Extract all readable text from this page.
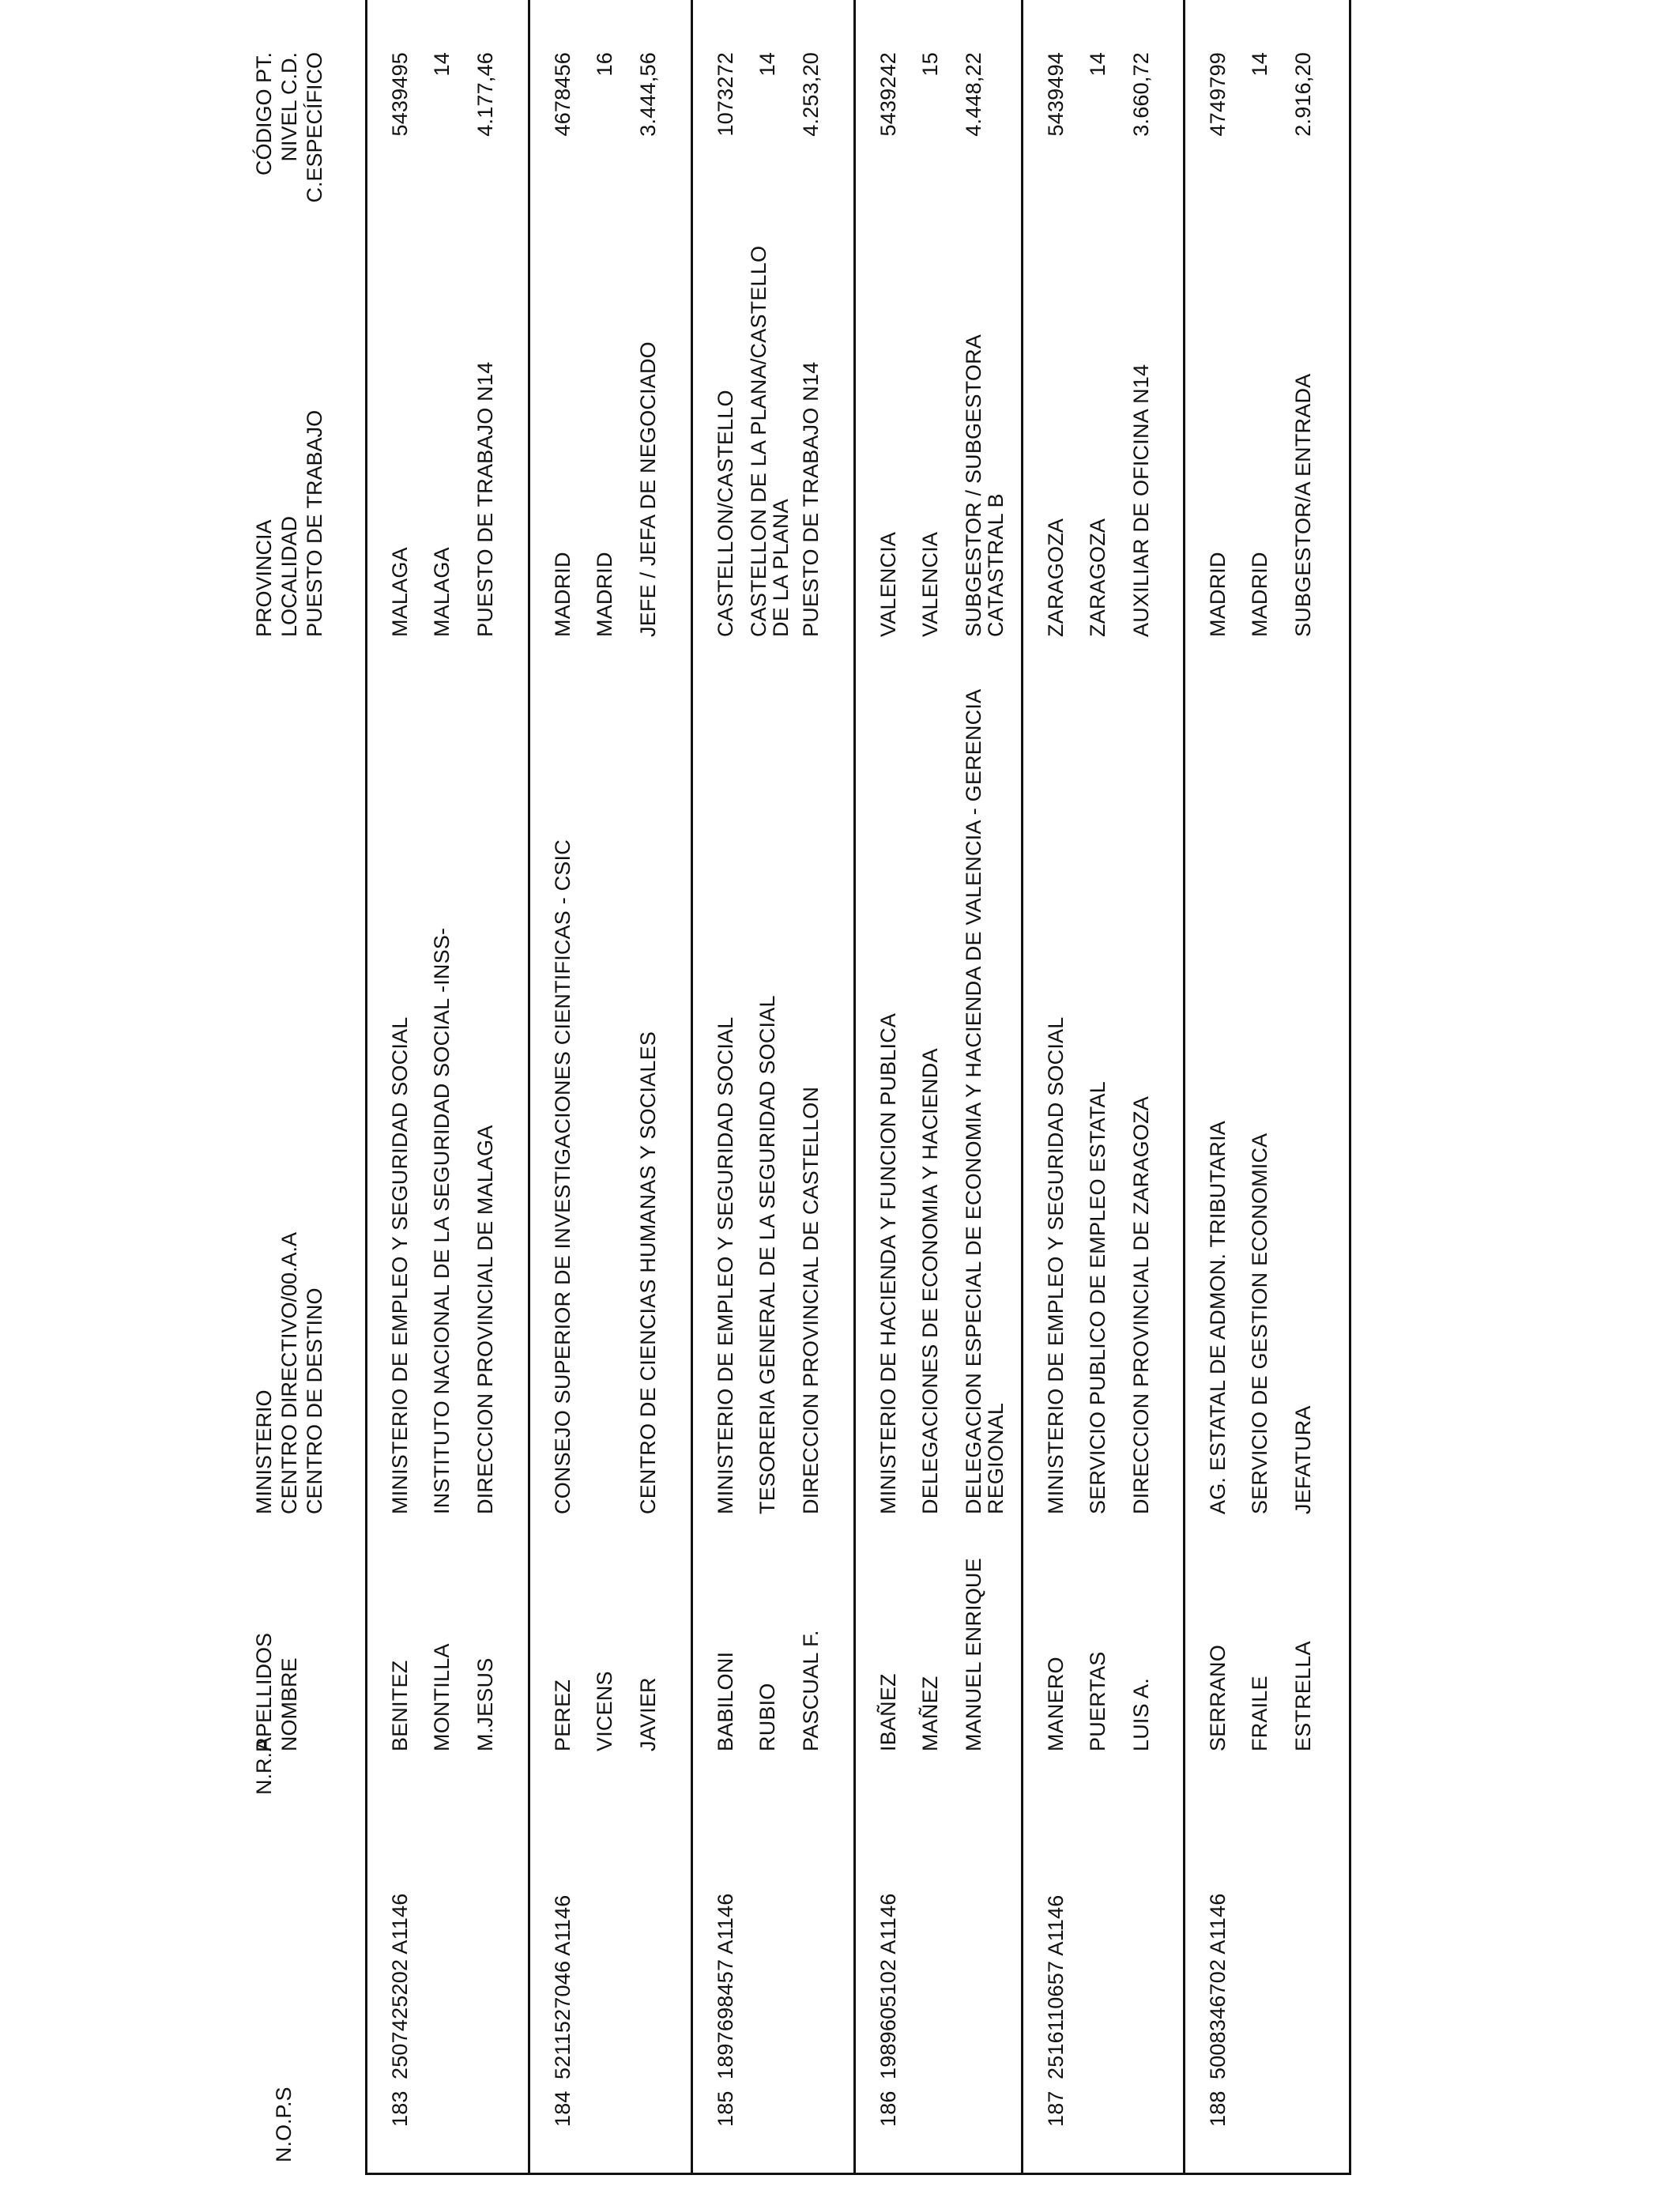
N.O.P.S
N.R.P
APELLIDOS NOMBRE
MINISTERIO CENTRO DIRECTIVO/00.A.A CENTRO DE DESTINO
PROVINCIA LOCALIDAD PUESTO DE TRABAJO
CÓDIGO PT. NIVEL C.D. C.ESPECÍFICO
183
2507425202 A1146
BENITEZ MONTILLA M.JESUS
MINISTERIO DE EMPLEO Y SEGURIDAD SOCIAL INSTITUTO NACIONAL DE LA SEGURIDAD SOCIAL -INSS- DIRECCION PROVINCIAL DE MALAGA
MALAGA MALAGA PUESTO DE TRABAJO N14
5439495 14 4.177,46
184
5211527046 A1146
PEREZ VICENS JAVIER
CONSEJO SUPERIOR DE INVESTIGACIONES CIENTIFICAS - CSIC	CENTRO DE CIENCIAS HUMANAS Y SOCIALES
MADRID MADRID JEFE / JEFA DE NEGOCIADO
4678456 16 3.444,56
185
1897698457 A1146
BABILONI RUBIO PASCUAL F.
MINISTERIO DE EMPLEO Y SEGURIDAD SOCIAL TESORERIA GENERAL DE LA SEGURIDAD SOCIAL DIRECCION PROVINCIAL DE CASTELLON
CASTELLON/CASTELLO CASTELLON DE LA PLANA/CASTELLO DE LA PLANA PUESTO DE TRABAJO N14
1073272 14 4.253,20
186
1989605102 A1146
IBAÑEZ MAÑEZ MANUEL ENRIQUE
MINISTERIO DE HACIENDA Y FUNCION PUBLICA DELEGACIONES DE ECONOMIA Y HACIENDA DELEGACION ESPECIAL DE ECONOMIA Y HACIENDA DE VALENCIA - GERENCIA REGIONAL
VALENCIA VALENCIA SUBGESTOR / SUBGESTORA CATASTRAL B
5439242 15 4.448,22
187
2516110657 A1146
MANERO PUERTAS LUIS A.
MINISTERIO DE EMPLEO Y SEGURIDAD SOCIAL SERVICIO PUBLICO DE EMPLEO ESTATAL DIRECCION PROVINCIAL DE ZARAGOZA
ZARAGOZA ZARAGOZA AUXILIAR DE OFICINA N14
5439494 14 3.660,72
188
5008346702 A1146
SERRANO FRAILE ESTRELLA
AG. ESTATAL DE ADMON. TRIBUTARIA SERVICIO DE GESTION ECONOMICA JEFATURA
MADRID MADRID SUBGESTOR/A ENTRADA
4749799 14 2.916,20
